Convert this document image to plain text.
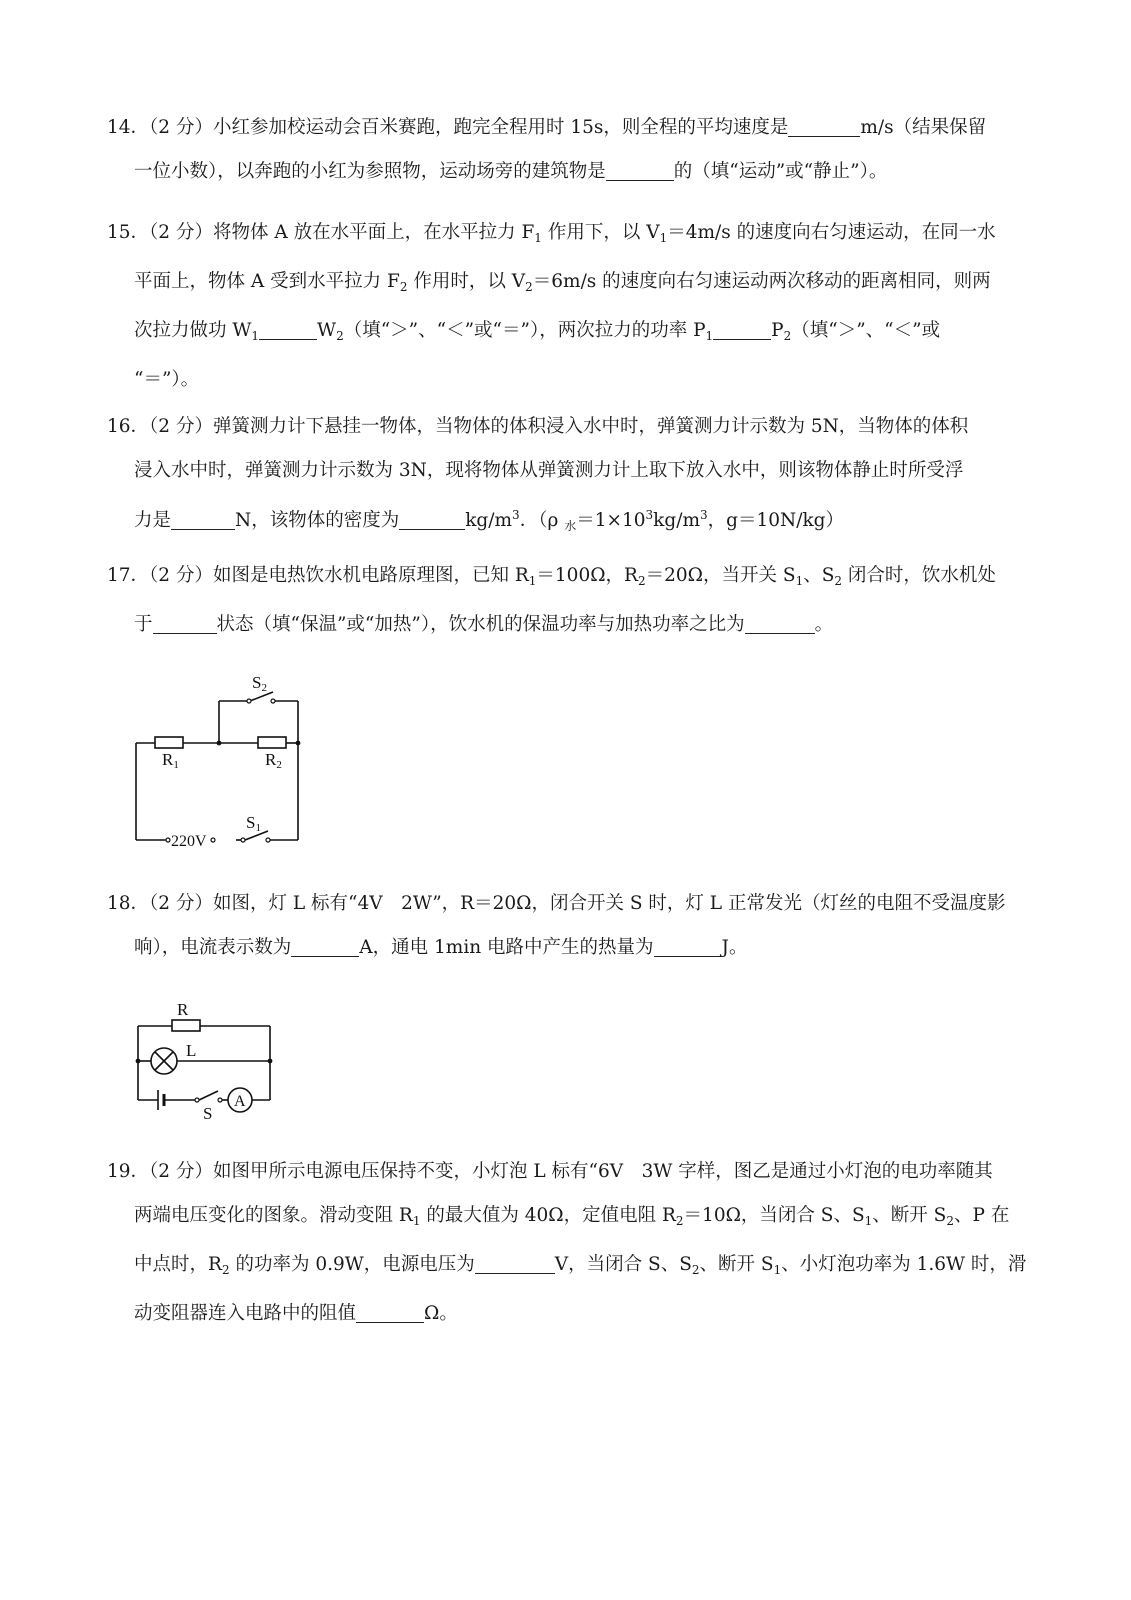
14．（2 分）小红参加校运动会百米赛跑，跑完全程用时 15s，则全程的平均速度是	m/s（结果保留
一位小数），以奔跑的小红为参照物，运动场旁的建筑物是	的（填“运动”或“静止”）。
15．（2 分）将物体 A 放在水平面上，在水平拉力 $F_1$ 作用下，以 $V_1=4m/s$ 的速度向右匀速运动，在同一水
平面上，物体 A 受到水平拉力 $F_2$ 作用时，以 $V_2=6m/s$ 的速度向右匀速运动两次移动的距离相同，则两
次拉力做功 $W_1$	$W_2$（填“＞”、“＜”或“＝”），两次拉力的功率 $P_1$	$P_2$（填“＞”、“＜”或
“＝”）。
16．（2 分）弹簧测力计下悬挂一物体，当物体的体积浸入水中时，弹簧测力计示数为 5N，当物体的体积
浸入水中时，弹簧测力计示数为 3N，现将物体从弹簧测力计上取下放入水中，则该物体静止时所受浮
力是	N，该物体的密度为	$kg/m^3$．（ρ $_水=1\times 10^3kg/m^3$，g＝10N/kg）
17．（2 分）如图是电热饮水机电路原理图，已知 $R_1=100\Omega$，$R_2=20\Omega$，当开关 $S_1$、$S_2$ 闭合时，饮水机处
于	状态（填“保温”或“加热”），饮水机的保温功率与加热功率之比为	。
R1	R2
S2
S1
220V
18．（2 分）如图，灯 L 标有“4V　2W”，R＝20Ω，闭合开关 S 时，灯 L 正常发光（灯丝的电阻不受温度影
响），电流表示数为	A，通电 1min 电路中产生的热量为	J。
R
L
S
A
19．（2 分）如图甲所示电源电压保持不变，小灯泡 L 标有“6V　3W 字样，图乙是通过小灯泡的电功率随其
两端电压变化的图象。滑动变阻 $R_1$ 的最大值为 40Ω，定值电阻 $R_2=10\Omega$，当闭合 S、$S_1$、断开 $S_2$、P 在
中点时，$R_2$ 的功率为 0.9W，电源电压为	V，当闭合 S、$S_2$、断开 $S_1$、小灯泡功率为 1.6W 时，滑
动变阻器连入电路中的阻值	Ω。
